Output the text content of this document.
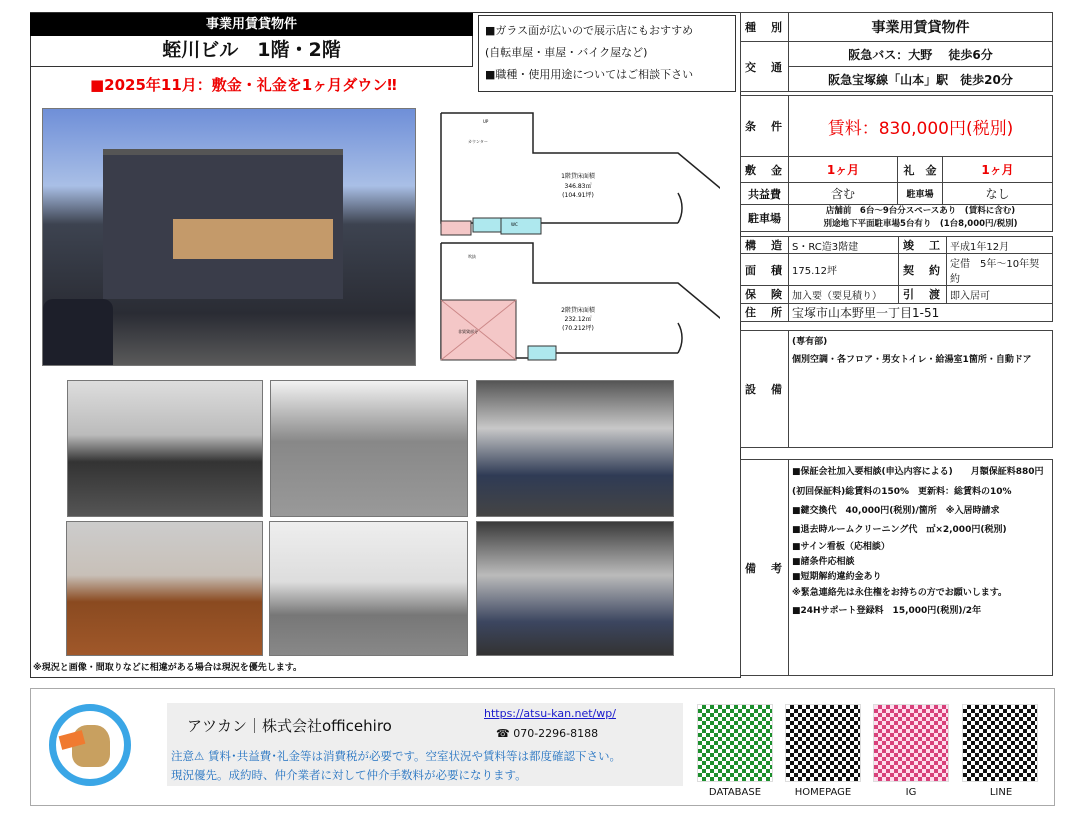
事業用賃貸物件
蛭川ビル　1階・2階
■2025年11月：敷金・礼金を1ヶ月ダウン‼
■ガラス面が広いので展示店にもおすすめ
(自転車屋・車屋・バイク屋など)
■職種・使用用途についてはご相談下さい
1階貸床面積
346.83㎡
(104.91坪)
2階貸床面積
232.12㎡
(70.212坪)
WC
UP
カウンター
吹抜
非賃貸部分
※現況と画像・間取りなどに相違がある場合は現況を優先します。
種　別	事業用賃貸物件
交　通	阪急バス：大野　 徒歩6分
	阪急宝塚線「山本」駅　徒歩20分
条　件	賃料：830,000円(税別)		
敷　金	1ヶ月	礼　金	1ヶ月
共益費	含む	駐車場	なし
駐車場	店舗前　6台～9台分スペースあり　(賃料に含む)
別途地下平面駐車場5台有り　(1台8,000円/税別)		
構　造	S・RC造3階建	竣　工	平成1年12月
面　積	175.12坪	契　約	定借　5年～10年契約
保　険	加入要（要見積り）	引　渡	即入居可
住　所	宝塚市山本野里一丁目1-51		
設　備	
(専有部)
個別空調・各フロア・男女トイレ・給湯室1箇所・自動ドア
備　考	
■保証会社加入要相談(申込内容による)　　月額保証料880円
(初回保証料)総賃料の150%　更新料：総賃料の10%
■鍵交換代　40,000円(税別)/箇所　※入居時請求
■退去時ルームクリーニング代　㎡×2,000円(税別)
■サイン看板（応相談）
■諸条件応相談
■短期解約違約金あり
※緊急連絡先は永住権をお持ちの方でお願いします。
■24Hサポート登録料　15,000円(税別)/2年
アツカン｜株式会社officehiro
https://atsu-kan.net/wp/
☎ 070-2296-8188
注意⚠ 賃料･共益費･礼金等は消費税が必要です。空室状況や賃料等は都度確認下さい。
現況優先。成約時、仲介業者に対して仲介手数料が必要になります。
DATABASE	HOMEPAGE	IG	LINE
